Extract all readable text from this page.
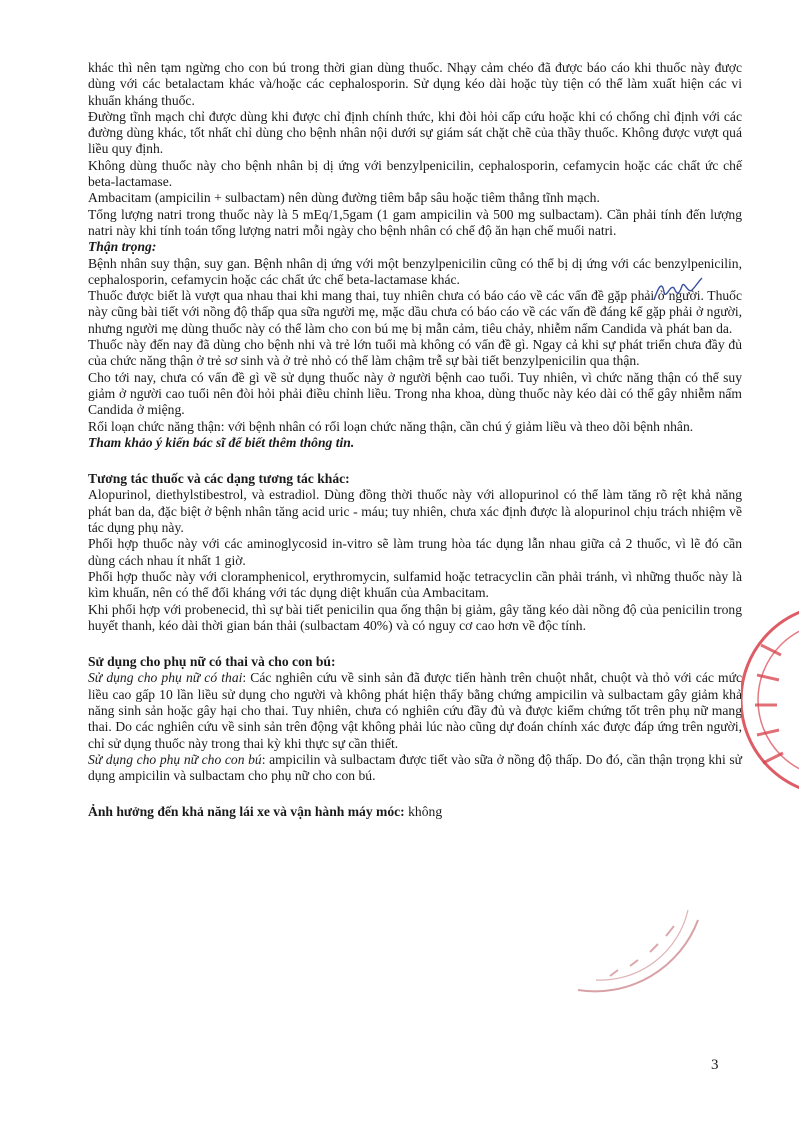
khác thì nên tạm ngừng cho con bú trong thời gian dùng thuốc. Nhạy cảm chéo đã được báo cáo khi thuốc này được dùng với các betalactam khác và/hoặc các cephalosporin. Sử dụng kéo dài hoặc tùy tiện có thể làm xuất hiện các vi khuẩn kháng thuốc.

Đường tĩnh mạch chỉ được dùng khi được chỉ định chính thức, khi đòi hỏi cấp cứu hoặc khi có chống chỉ định với các đường dùng khác, tốt nhất chỉ dùng cho bệnh nhân nội dưới sự giám sát chặt chẽ của thầy thuốc. Không được vượt quá liều quy định.

Không dùng thuốc này cho bệnh nhân bị dị ứng với benzylpenicilin, cephalosporin, cefamycin hoặc các chất ức chế beta-lactamase.

Ambacitam (ampicilin + sulbactam) nên dùng đường tiêm bắp sâu hoặc tiêm thẳng tĩnh mạch.

Tổng lượng natri trong thuốc này là 5 mEq/1,5gam (1 gam ampicilin và 500 mg sulbactam). Cần phải tính đến lượng natri này khi tính toán tổng lượng natri mỗi ngày cho bệnh nhân có chế độ ăn hạn chế muối natri.

Thận trọng:

Bệnh nhân suy thận, suy gan. Bệnh nhân dị ứng với một benzylpenicilin cũng có thể bị dị ứng với các benzylpenicilin, cephalosporin, cefamycin hoặc các chất ức chế beta-lactamase khác.

Thuốc được biết là vượt qua nhau thai khi mang thai, tuy nhiên chưa có báo cáo về các vấn đề gặp phải ở người. Thuốc này cũng bài tiết với nồng độ thấp qua sữa người mẹ, mặc dầu chưa có báo cáo về các vấn đề đáng kể gặp phải ở người, nhưng người mẹ dùng thuốc này có thể làm cho con bú mẹ bị mẫn cảm, tiêu chảy, nhiễm nấm Candida và phát ban da.

Thuốc này đến nay đã dùng cho bệnh nhi và trẻ lớn tuổi mà không có vấn đề gì. Ngay cả khi sự phát triển chưa đầy đủ của chức năng thận ở trẻ sơ sinh và ở trẻ nhỏ có thể làm chậm trễ sự bài tiết benzylpenicilin qua thận.

Cho tới nay, chưa có vấn đề gì về sử dụng thuốc này ở người bệnh cao tuổi. Tuy nhiên, vì chức năng thận có thể suy giảm ở người cao tuổi nên đòi hỏi phải điều chỉnh liều. Trong nha khoa, dùng thuốc này kéo dài có thể gây nhiễm nấm Candida ở miệng.

Rối loạn chức năng thận: với bệnh nhân có rối loạn chức năng thận, cần chú ý giảm liều và theo dõi bệnh nhân.

Tham khảo ý kiến bác sĩ để biết thêm thông tin.

Tương tác thuốc và các dạng tương tác khác:

Alopurinol, diethylstibestrol, và estradiol. Dùng đồng thời thuốc này với allopurinol có thể làm tăng rõ rệt khả năng phát ban da, đặc biệt ở bệnh nhân tăng acid uric - máu; tuy nhiên, chưa xác định được là alopurinol chịu trách nhiệm về tác dụng phụ này.

Phối hợp thuốc này với các aminoglycosid in-vitro sẽ làm trung hòa tác dụng lẫn nhau giữa cả 2 thuốc, vì lẽ đó cần dùng cách nhau ít nhất 1 giờ.

Phối hợp thuốc này với cloramphenicol, erythromycin, sulfamid hoặc tetracyclin cần phải tránh, vì những thuốc này là kìm khuẩn, nên có thể đối kháng với tác dụng diệt khuẩn của Ambacitam.

Khi phối hợp với probenecid, thì sự bài tiết penicilin qua ống thận bị giảm, gây tăng kéo dài nồng độ của penicilin trong huyết thanh, kéo dài thời gian bán thải (sulbactam 40%) và có nguy cơ cao hơn về độc tính.

Sử dụng cho phụ nữ có thai và cho con bú:

Sử dụng cho phụ nữ có thai: Các nghiên cứu về sinh sản đã được tiến hành trên chuột nhắt, chuột và thỏ với các mức liều cao gấp 10 lần liều sử dụng cho người và không phát hiện thấy bằng chứng ampicilin và sulbactam gây giảm khả năng sinh sản hoặc gây hại cho thai. Tuy nhiên, chưa có nghiên cứu đầy đủ và được kiểm chứng tốt trên phụ nữ mang thai. Do các nghiên cứu về sinh sản trên động vật không phải lúc nào cũng dự đoán chính xác được đáp ứng trên người, chỉ sử dụng thuốc này trong thai kỳ khi thực sự cần thiết.

Sử dụng cho phụ nữ cho con bú: ampicilin và sulbactam được tiết vào sữa ở nồng độ thấp. Do đó, cần thận trọng khi sử dụng ampicilin và sulbactam cho phụ nữ cho con bú.

Ảnh hưởng đến khả năng lái xe và vận hành máy móc: không

3
